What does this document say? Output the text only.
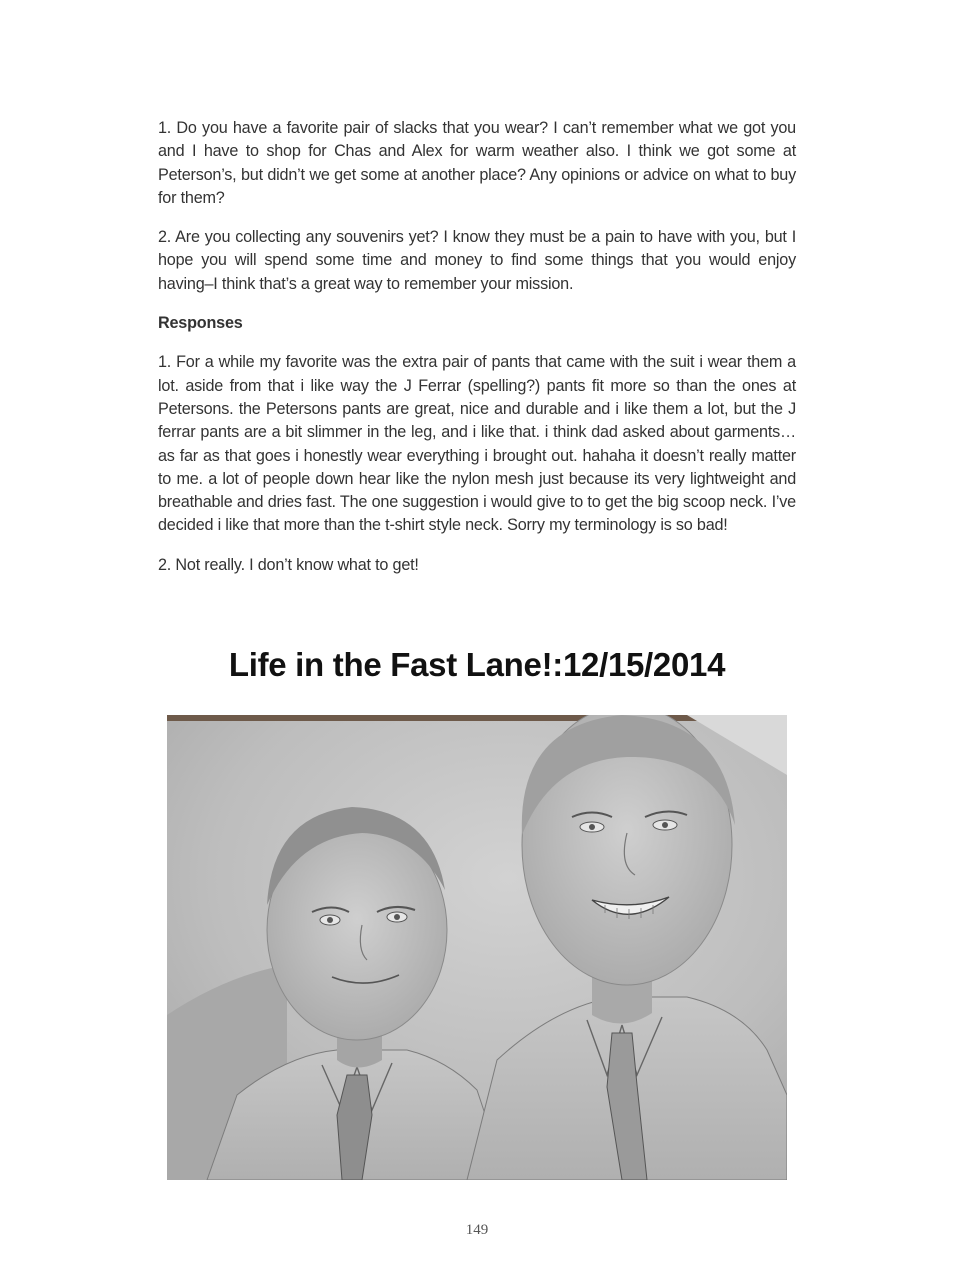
1. Do you have a favorite pair of slacks that you wear? I can’t remember what we got you and I have to shop for Chas and Alex for warm weather also. I think we got some at Peterson’s, but didn’t we get some at another place? Any opinions or advice on what to buy for them?

2. Are you collecting any souvenirs yet? I know they must be a pain to have with you, but I hope you will spend some time and money to find some things that you would enjoy having–I think that’s a great way to remember your mission.

Responses

1. For a while my favorite was the extra pair of pants that came with the suit i wear them a lot. aside from that i like way the J Ferrar (spelling?) pants fit more so than the ones at Petersons. the Petersons pants are great, nice and durable and i like them a lot, but the J ferrar pants are a bit slimmer in the leg, and i like that. i think dad asked about garments… as far as that goes i honestly wear everything i brought out. hahaha it doesn’t really matter to me. a lot of people down hear like the nylon mesh just because its very lightweight and breathable and dries fast. The one suggestion i would give to to get the big scoop neck. I’ve decided i like that more than the t-shirt style neck. Sorry my terminology is so bad!

2. Not really. I don’t know what to get!

Life in the Fast Lane!:12/15/2014
149
